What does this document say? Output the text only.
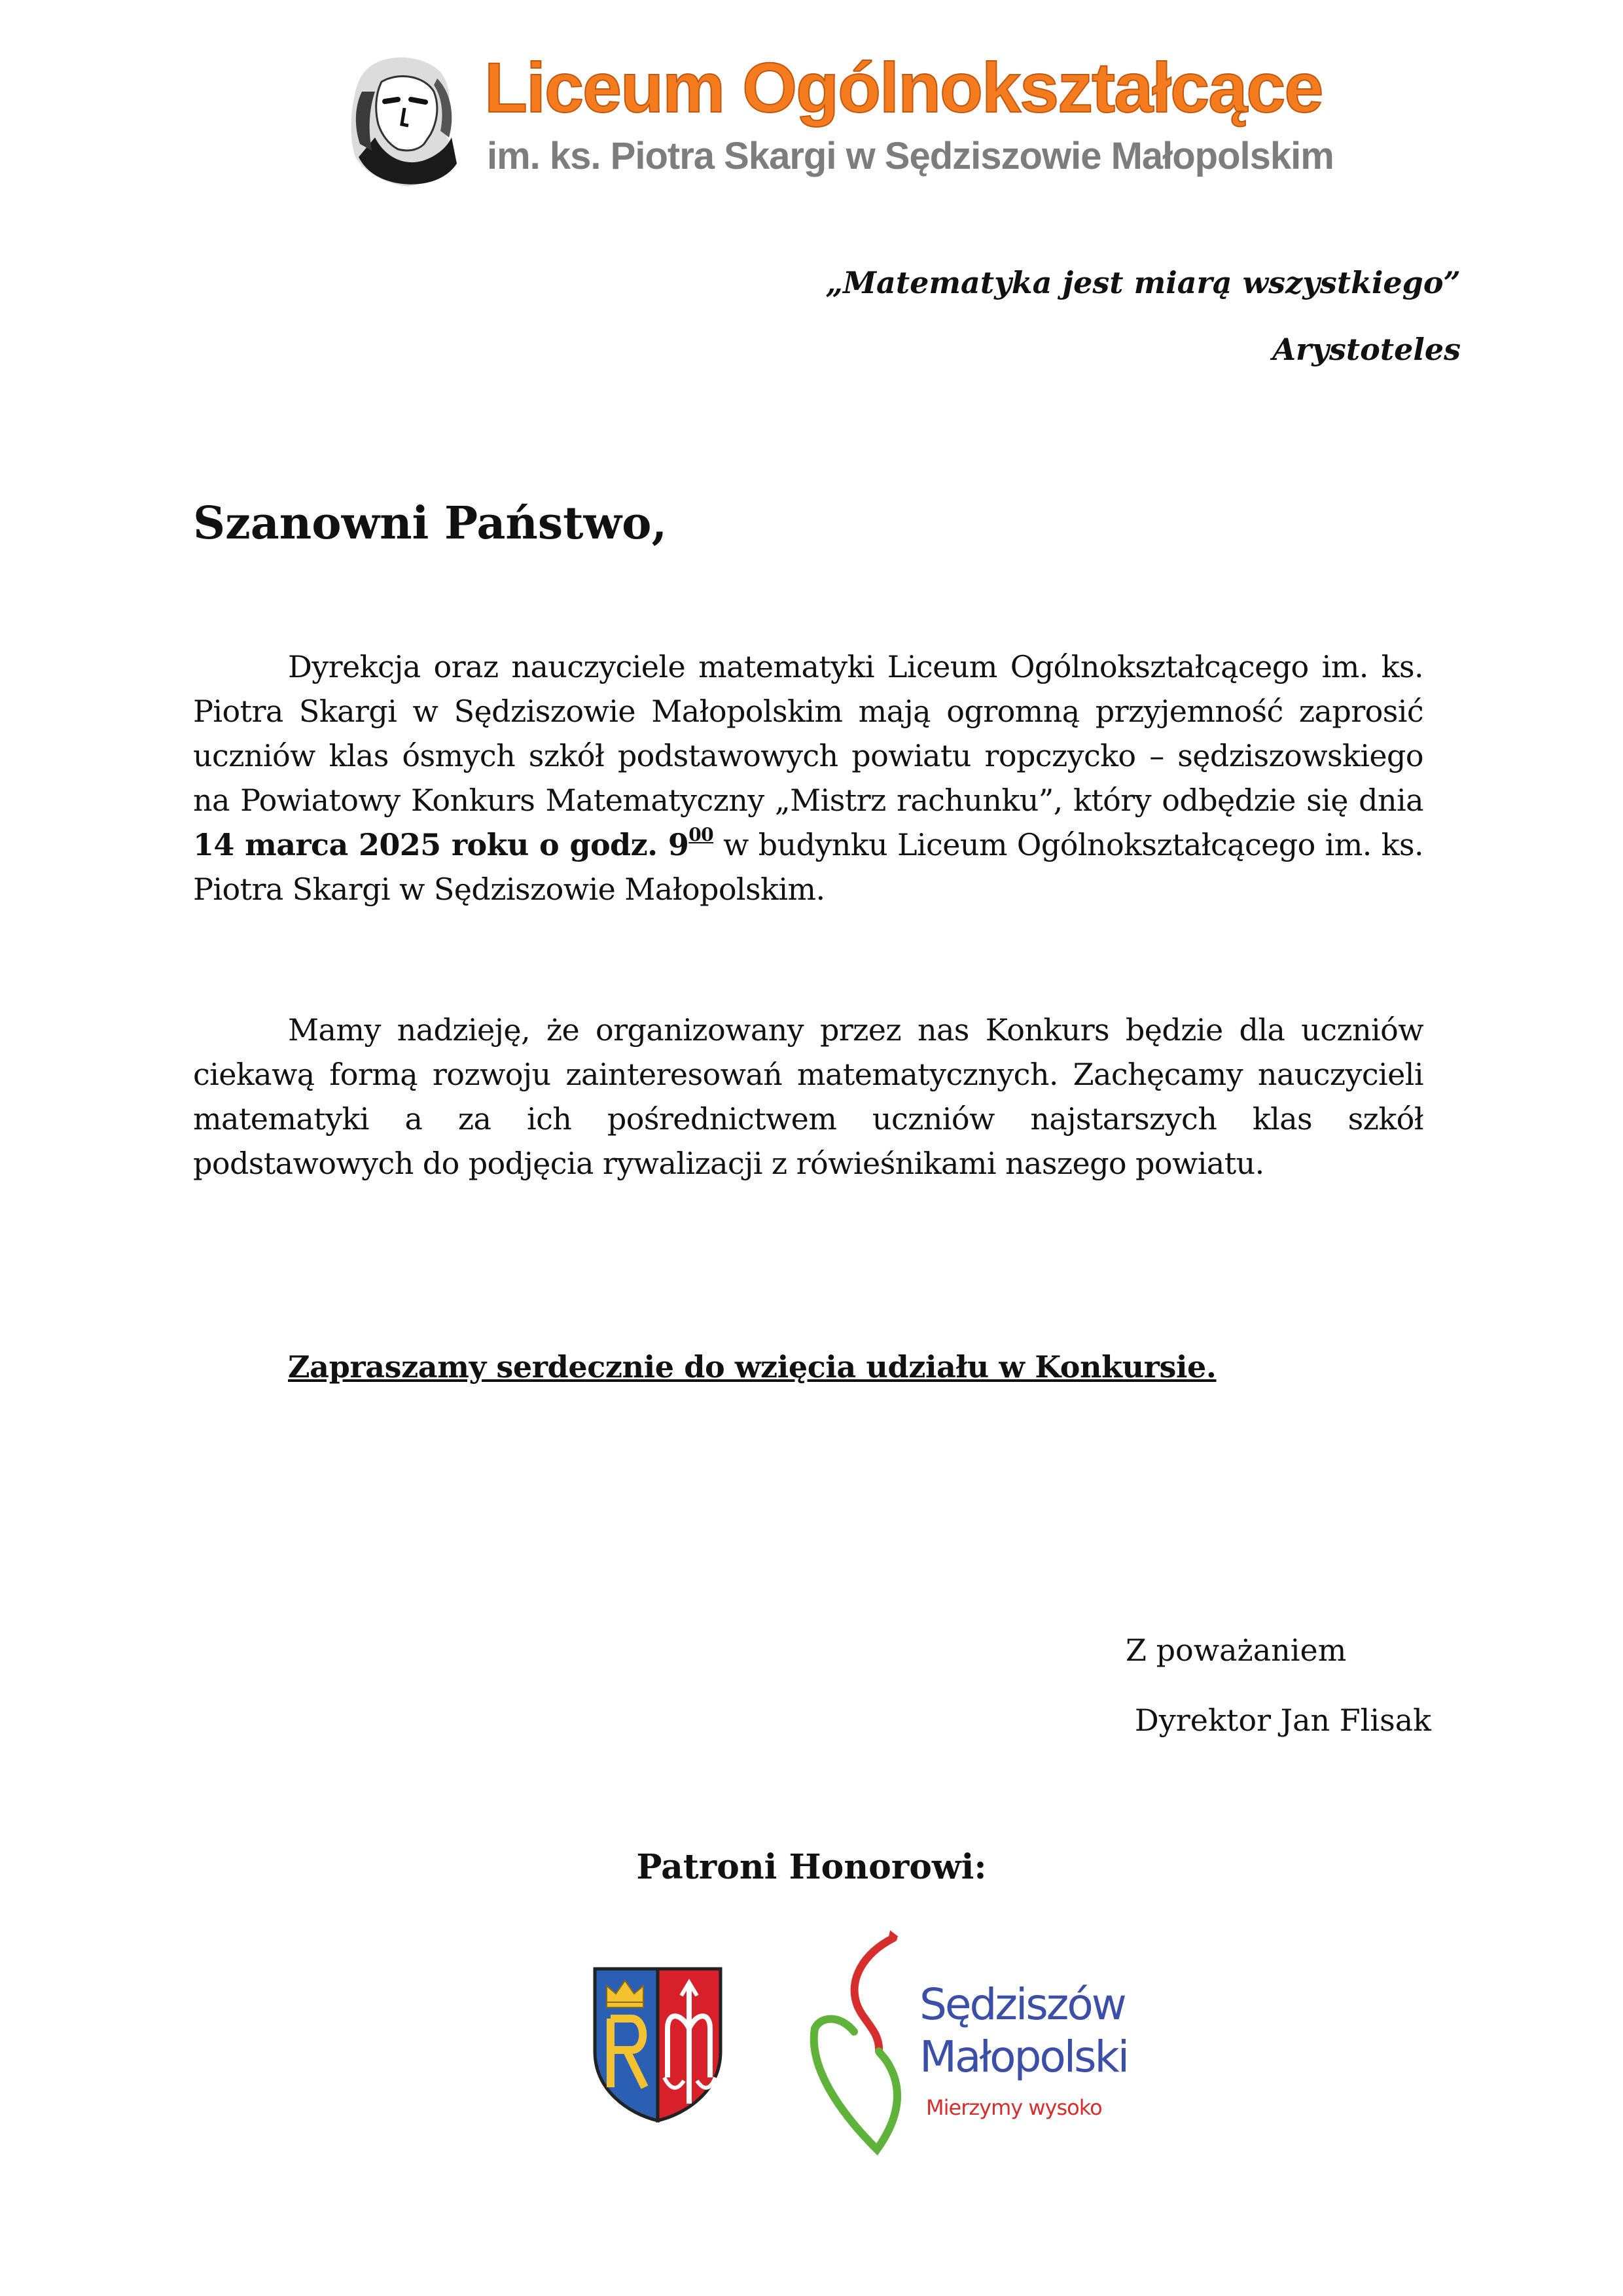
Liceum Ogólnokształcące
im. ks. Piotra Skargi w Sędziszowie Małopolskim
„Matematyka jest miarą wszystkiego”
Arystoteles
Szanowni Państwo,
Dyrekcja oraz nauczyciele matematyki Liceum Ogólnokształcącego im. ks. Piotra Skargi w Sędziszowie Małopolskim mają ogromną przyjemność zaprosić uczniów klas ósmych szkół podstawowych powiatu ropczycko – sędziszowskiego na Powiatowy Konkurs Matematyczny „Mistrz rachunku”, który odbędzie się dnia 14 marca 2025 roku o godz. $9^{00}$ w budynku Liceum Ogólnokształcącego im. ks. Piotra Skargi w Sędziszowie Małopolskim.
Mamy nadzieję, że organizowany przez nas Konkurs będzie dla uczniów ciekawą formą rozwoju zainteresowań matematycznych. Zachęcamy nauczycieli matematyki a za ich pośrednictwem uczniów najstarszych klas szkół podstawowych do podjęcia rywalizacji z rówieśnikami naszego powiatu.
Zapraszamy serdecznie do wzięcia udziału w Konkursie.
Z poważaniem
Dyrektor Jan Flisak
Patroni Honorowi:
Sędziszów
Małopolski
Mierzymy wysoko
